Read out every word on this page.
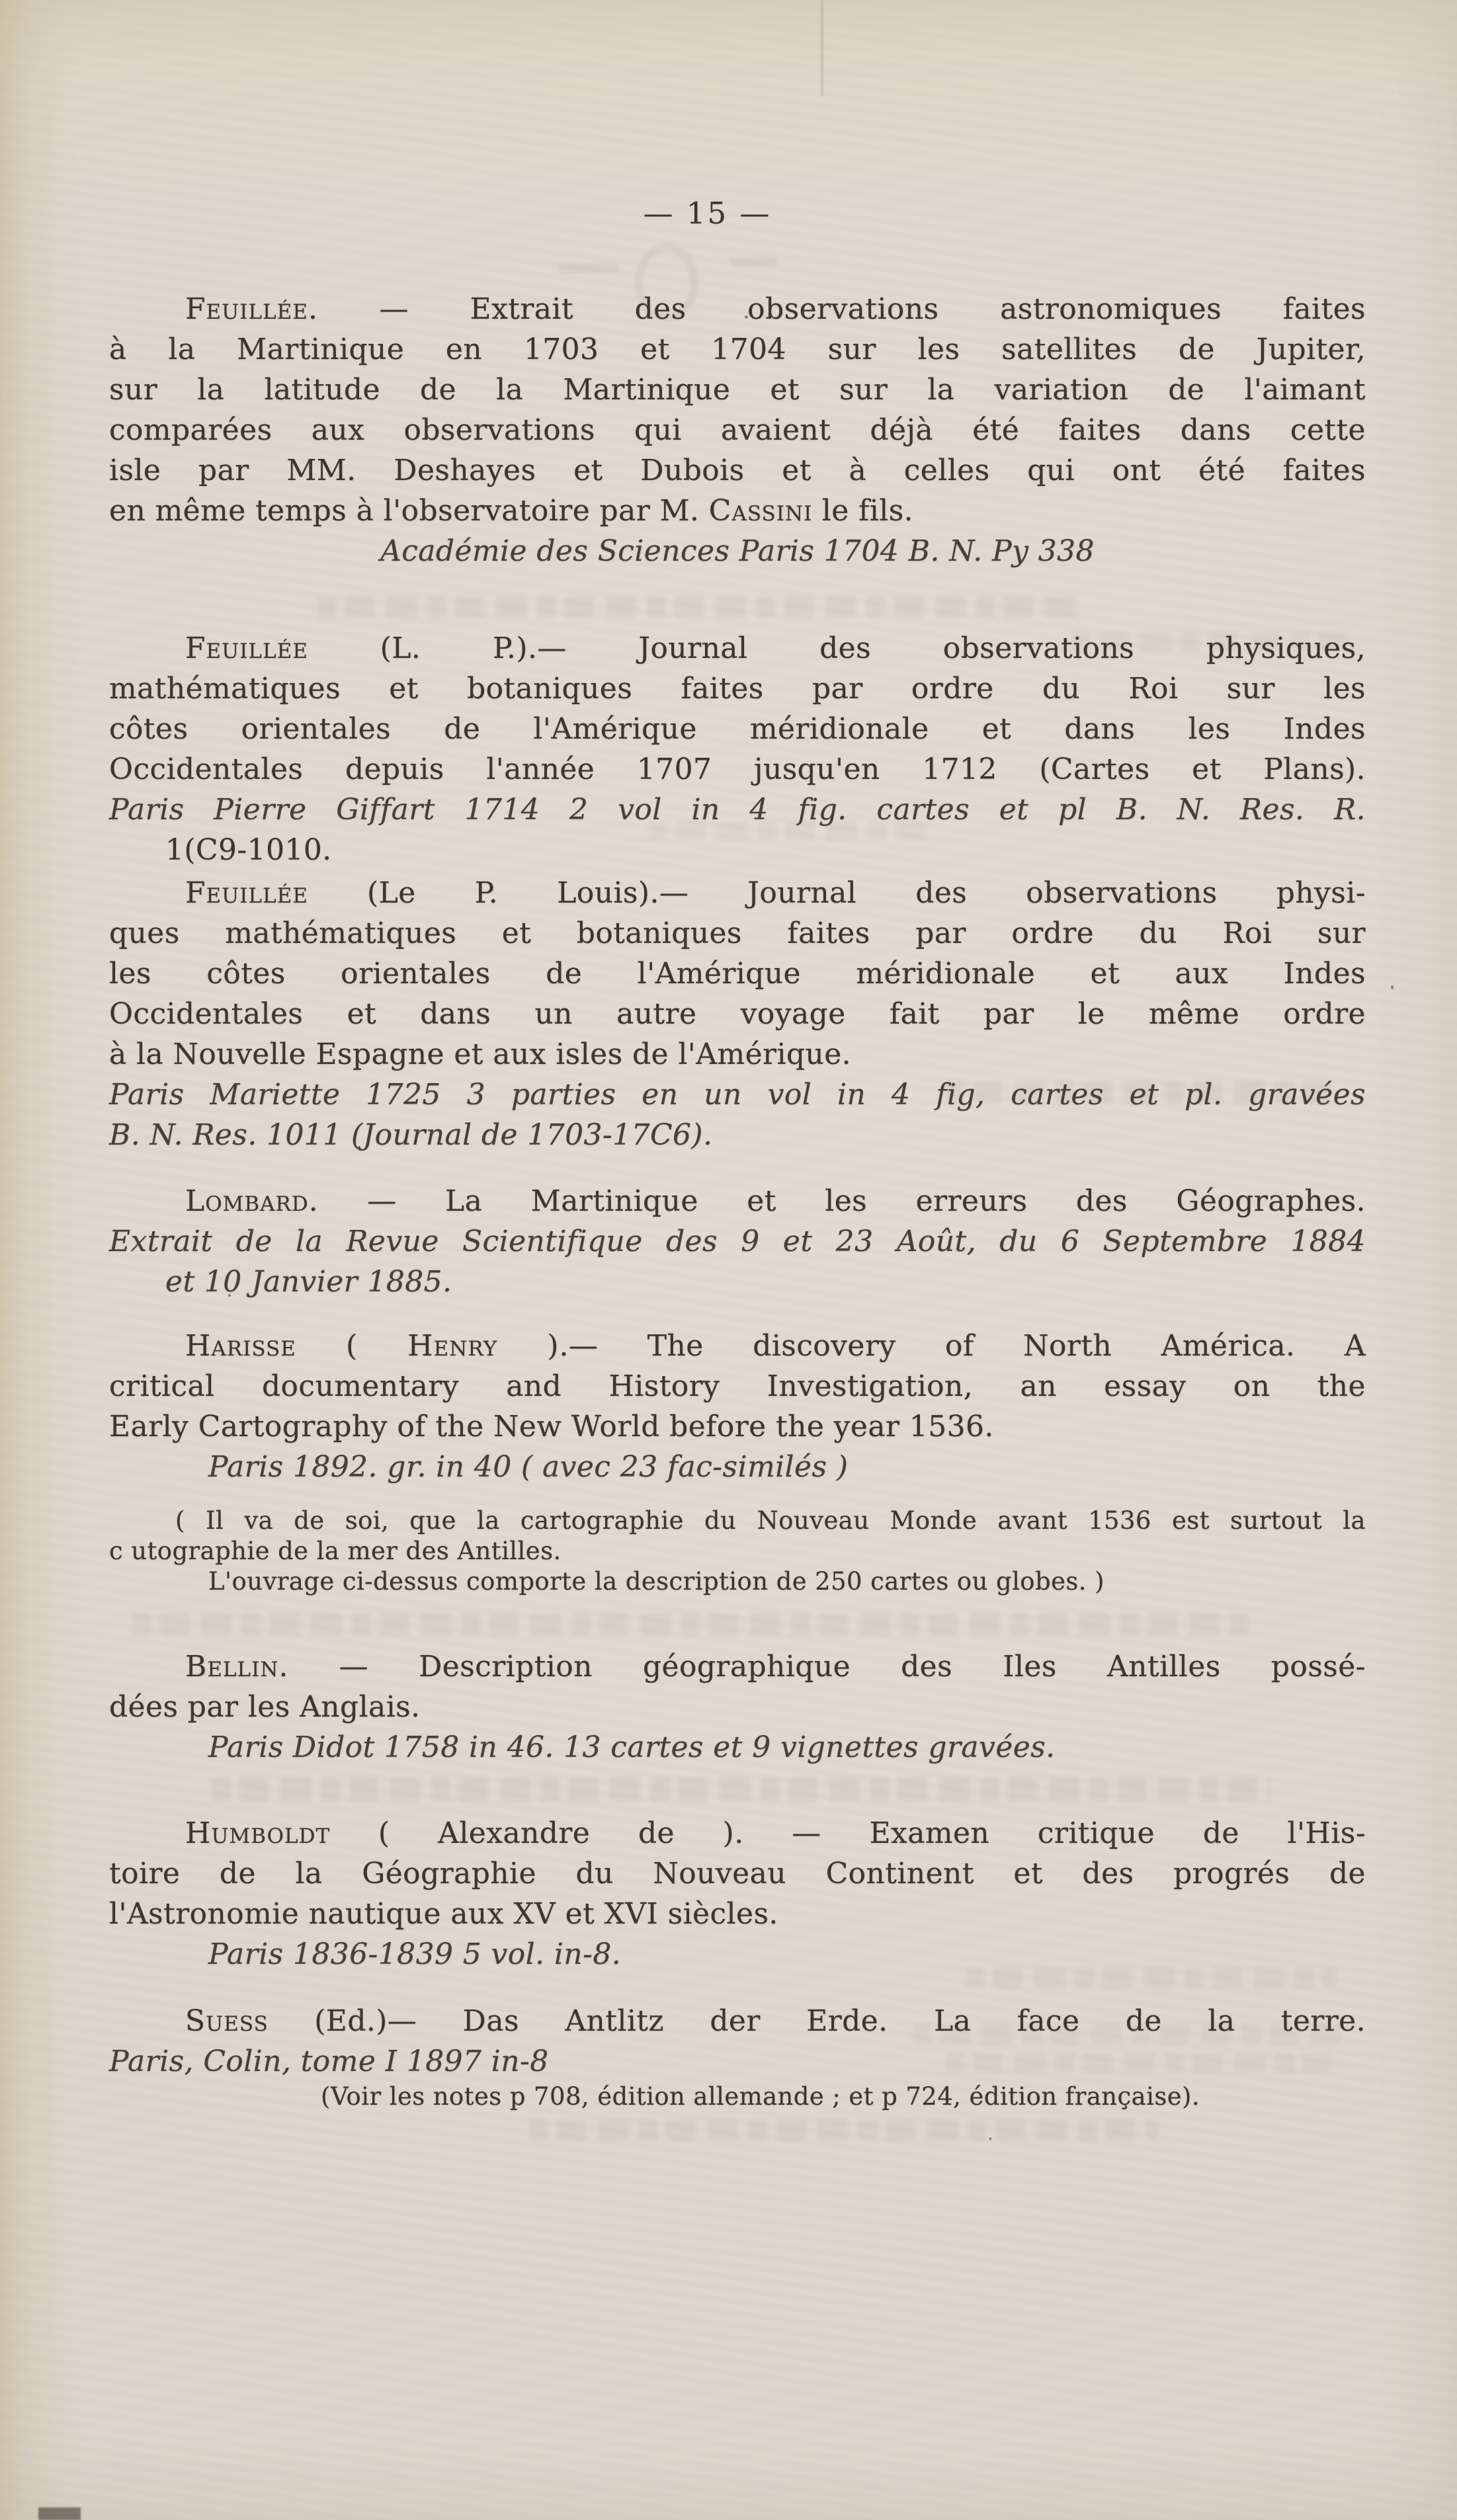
— 15 —
Feuillée. — Extrait des observations astronomiques faites
à la Martinique en 1703 et 1704 sur les satellites de Jupiter,
sur la latitude de la Martinique et sur la variation de l'aimant
comparées aux observations qui avaient déjà été faites dans cette
isle par MM. Deshayes et Dubois et à celles qui ont été faites
en même temps à l'observatoire par M. Cassini le fils.
Académie des Sciences Paris 1704 B. N. Py 338
Feuillée (L. P.).— Journal des observations physiques,
mathématiques et botaniques faites par ordre du Roi sur les
côtes orientales de l'Amérique méridionale et dans les Indes
Occidentales depuis l'année 1707 jusqu'en 1712 (Cartes et Plans).
Paris Pierre Giffart 1714 2 vol in 4 fig. cartes et pl B. N. Res. R.
1(C9-1010.
Feuillée (Le P. Louis).— Journal des observations physi-
ques mathématiques et botaniques faites par ordre du Roi sur
les côtes orientales de l'Amérique méridionale et aux Indes
Occidentales et dans un autre voyage fait par le même ordre
à la Nouvelle Espagne et aux isles de l'Amérique.
Paris Mariette 1725 3 parties en un vol in 4 fig, cartes et pl. gravées
B. N. Res. 1011 (Journal de 1703-17C6).
Lombard. — La Martinique et les erreurs des Géographes.
Extrait de la Revue Scientifique des 9 et 23 Août, du 6 Septembre 1884
et 10 Janvier 1885.
Harisse ( Henry ).— The discovery of North América. A
critical documentary and History Investigation, an essay on the
Early Cartography of the New World before the year 1536.
Paris 1892. gr. in 40 ( avec 23 fac-similés )
( Il va de soi, que la cartographie du Nouveau Monde avant 1536 est surtout la
c utographie de la mer des Antilles.
L'ouvrage ci-dessus comporte la description de 250 cartes ou globes. )
Bellin. — Description géographique des Iles Antilles possé-
dées par les Anglais.
Paris Didot 1758 in 46. 13 cartes et 9 vignettes gravées.
Humboldt ( Alexandre de ). — Examen critique de l'His-
toire de la Géographie du Nouveau Continent et des progrés de
l'Astronomie nautique aux XV et XVI siècles.
Paris 1836-1839 5 vol. in-8.
Suess (Ed.)— Das Antlitz der Erde. La face de la terre.
Paris, Colin, tome I 1897 in-8
(Voir les notes p 708, édition allemande ; et p 724, édition française).
